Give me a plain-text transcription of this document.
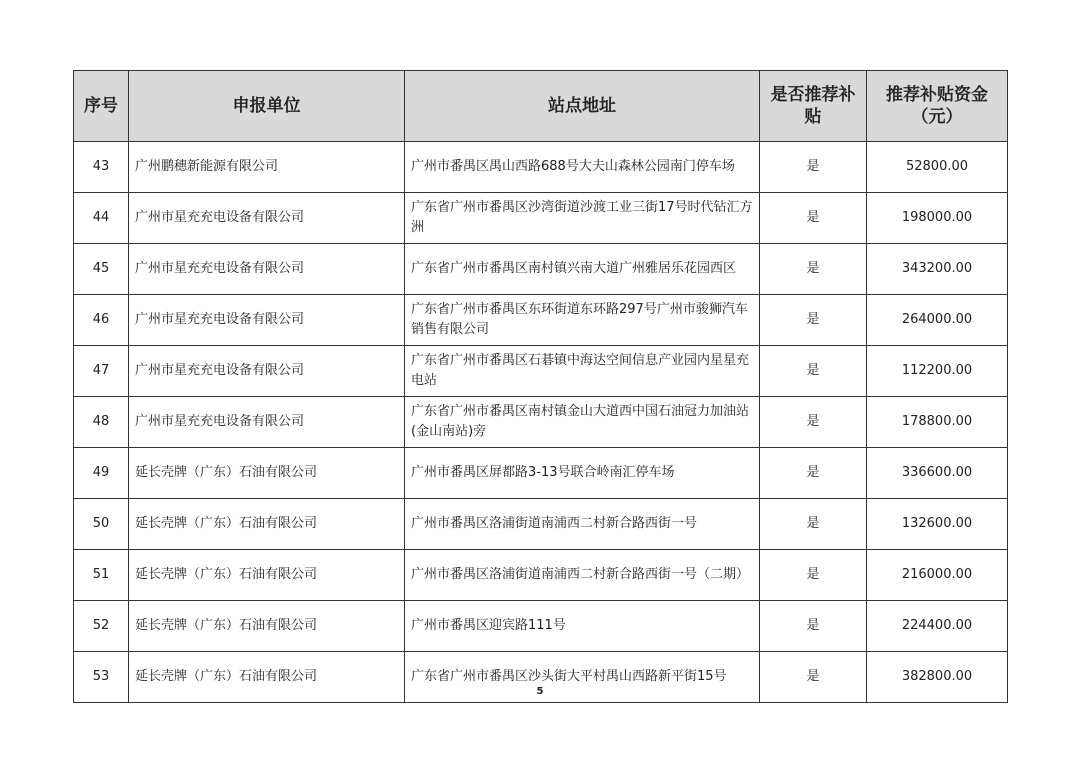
序号	申报单位	站点地址	是否推荐补贴	推荐补贴资金（元）
43	广州鹏穗新能源有限公司	广州市番禺区禺山西路688号大夫山森林公园南门停车场	是	52800.00
44	广州市星充充电设备有限公司	广东省广州市番禺区沙湾街道沙渡工业三街17号时代钻汇方洲	是	198000.00
45	广州市星充充电设备有限公司	广东省广州市番禺区南村镇兴南大道广州雅居乐花园西区	是	343200.00
46	广州市星充充电设备有限公司	广东省广州市番禺区东环街道东环路297号广州市骏狮汽车销售有限公司	是	264000.00
47	广州市星充充电设备有限公司	广东省广州市番禺区石碁镇中海达空间信息产业园内星星充电站	是	112200.00
48	广州市星充充电设备有限公司	广东省广州市番禺区南村镇金山大道西中国石油冠力加油站(金山南站)旁	是	178800.00
49	延长壳牌（广东）石油有限公司	广州市番禺区屏都路3-13号联合岭南汇停车场	是	336600.00
50	延长壳牌（广东）石油有限公司	广州市番禺区洛浦街道南浦西二村新合路西街一号	是	132600.00
51	延长壳牌（广东）石油有限公司	广州市番禺区洛浦街道南浦西二村新合路西街一号（二期）	是	216000.00
52	延长壳牌（广东）石油有限公司	广州市番禺区迎宾路111号	是	224400.00
53	延长壳牌（广东）石油有限公司	广东省广州市番禺区沙头街大平村禺山西路新平街15号	是	382800.00
5
